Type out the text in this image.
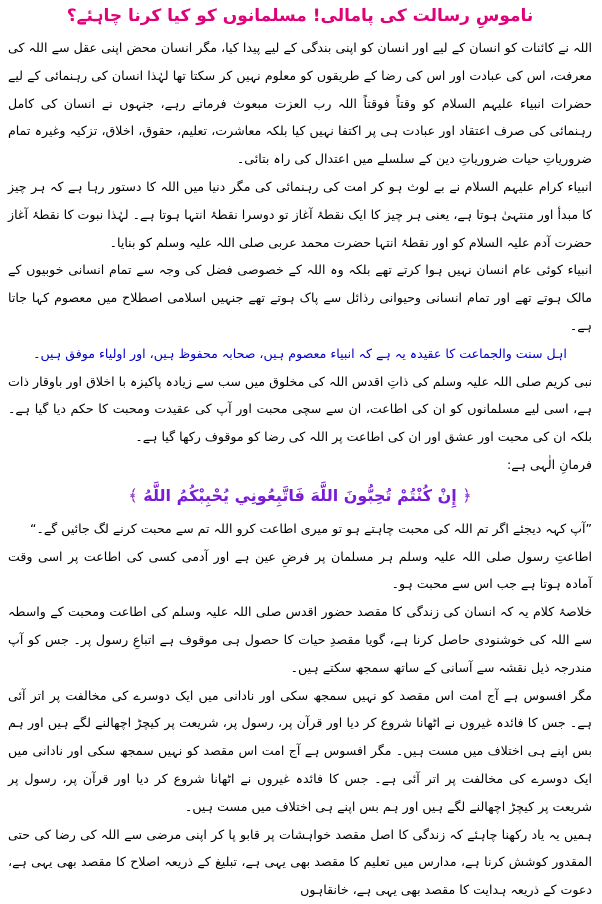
ناموسِ رسالت کی پامالی! مسلمانوں کو کیا کرنا چاہئے؟

اللہ نے کائنات کو انسان کے لیے اور انسان کو اپنی بندگی کے لیے پیدا کیا، مگر انسان محض اپنی عقل سے اللہ کی معرفت، اس کی عبادت اور اس کی رضا کے طریقوں کو معلوم نہیں کر سکتا تھا لہٰذا انسان کی رہنمائی کے لیے حضرات انبیاء علیہم السلام کو وقتاً فوقتاً اللہ رب العزت مبعوث فرماتے رہے، جنہوں نے انسان کی کامل رہنمائی کی صرف اعتقاد اور عبادت ہی پر اکتفا نہیں کیا بلکہ معاشرت، تعلیم، حقوق، اخلاق، تزکیہ وغیرہ تمام ضروریاتِ حیات ضروریاتِ دین کے سلسلے میں اعتدال کی راہ بتائی۔

انبیاء کرام علیہم السلام نے بے لوث ہو کر امت کی رہنمائی کی مگر دنیا میں اللہ کا دستور رہا ہے کہ ہر چیز کا مبدأ اور منتہیٰ ہوتا ہے، یعنی ہر چیز کا ایک نقطۂ آغاز تو دوسرا نقطۂ انتہا ہوتا ہے۔ لہٰذا نبوت کا نقطۂ آغاز حضرت آدم علیہ السلام کو اور نقطۂ انتہا حضرت محمد عربی صلی اللہ علیہ وسلم کو بنایا۔

انبیاء کوئی عام انسان نہیں ہوا کرتے تھے بلکہ وہ اللہ کے خصوصی فضل کی وجہ سے تمام انسانی خوبیوں کے مالک ہوتے تھے اور تمام انسانی وحیوانی رذائل سے پاک ہوتے تھے جنہیں اسلامی اصطلاح میں معصوم کہا جاتا ہے۔

اہل سنت والجماعت کا عقیدہ یہ ہے کہ انبیاء معصوم ہیں، صحابہ محفوظ ہیں، اور اولیاء موفق ہیں۔

نبی کریم صلی اللہ علیہ وسلم کی ذاتِ اقدس اللہ کی مخلوق میں سب سے زیادہ پاکیزہ با اخلاق اور باوقار ذات ہے، اسی لیے مسلمانوں کو ان کی اطاعت، ان سے سچی محبت اور آپ کی عقیدت ومحبت کا حکم دیا گیا ہے۔ بلکہ ان کی محبت اور عشق اور ان کی اطاعت پر اللہ کی رضا کو موقوف رکھا گیا ہے۔

فرمانِ الٰہی ہے:

﴿ إِنْ كُنْتُمْ تُحِبُّونَ اللَّهَ فَاتَّبِعُونِي يُحْبِبْكُمُ اللَّهُ ﴾

”آپ کہہ دیجئے اگر تم اللہ کی محبت چاہتے ہو تو میری اطاعت کرو اللہ تم سے محبت کرنے لگ جائیں گے۔“

اطاعتِ رسول صلی اللہ علیہ وسلم ہر مسلمان پر فرضِ عین ہے اور آدمی کسی کی اطاعت پر اسی وقت آمادہ ہوتا ہے جب اس سے محبت ہو۔

خلاصۂ کلام یہ کہ انسان کی زندگی کا مقصد حضور اقدس صلی اللہ علیہ وسلم کی اطاعت ومحبت کے واسطہ سے اللہ کی خوشنودی حاصل کرنا ہے، گویا مقصدِ حیات کا حصول ہی موقوف ہے اتباعِ رسول پر۔ جس کو آپ مندرجہ ذیل نقشہ سے آسانی کے ساتھ سمجھ سکتے ہیں۔

مگر افسوس ہے آج امت اس مقصد کو نہیں سمجھ سکی اور نادانی میں ایک دوسرے کی مخالفت پر اتر آئی ہے۔ جس کا فائدہ غیروں نے اٹھانا شروع کر دیا اور قرآن پر، رسول پر، شریعت پر کیچڑ اچھالنے لگے ہیں اور ہم بس اپنے ہی اختلاف میں مست ہیں۔ مگر افسوس ہے آج امت اس مقصد کو نہیں سمجھ سکی اور نادانی میں ایک دوسرے کی مخالفت پر اتر آئی ہے۔ جس کا فائدہ غیروں نے اٹھانا شروع کر دیا اور قرآن پر، رسول پر شریعت پر کیچڑ اچھالنے لگے ہیں اور ہم بس اپنے ہی اختلاف میں مست ہیں۔

ہمیں یہ یاد رکھنا چاہئے کہ زندگی کا اصل مقصد خواہشات پر قابو پا کر اپنی مرضی سے اللہ کی رضا کی حتی المقدور کوشش کرنا ہے، مدارس میں تعلیم کا مقصد بھی یہی ہے، تبلیغ کے ذریعہ اصلاح کا مقصد بھی یہی ہے، دعوت کے ذریعہ ہدایت کا مقصد بھی یہی ہے، خانقاہوں
